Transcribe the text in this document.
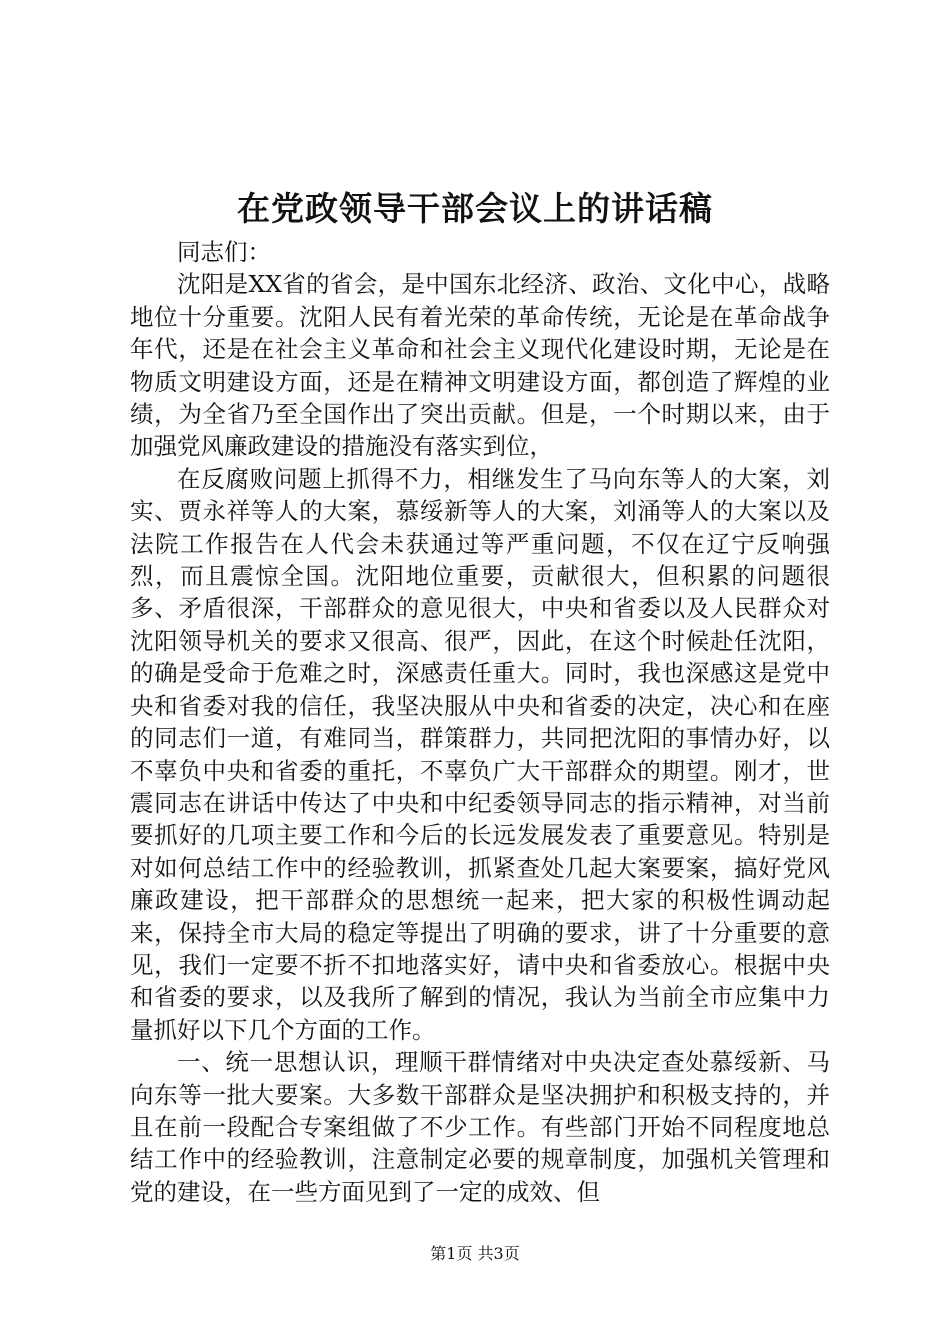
在党政领导干部会议上的讲话稿

同志们：

沈阳是XX省的省会，是中国东北经济、政治、文化中心，战略地位十分重要。沈阳人民有着光荣的革命传统，无论是在革命战争年代，还是在社会主义革命和社会主义现代化建设时期，无论是在物质文明建设方面，还是在精神文明建设方面，都创造了辉煌的业绩，为全省乃至全国作出了突出贡献。但是，一个时期以来，由于加强党风廉政建设的措施没有落实到位，

在反腐败问题上抓得不力，相继发生了马向东等人的大案，刘实、贾永祥等人的大案，慕绥新等人的大案，刘涌等人的大案以及法院工作报告在人代会未获通过等严重问题，不仅在辽宁反响强烈，而且震惊全国。沈阳地位重要，贡献很大，但积累的问题很多、矛盾很深，干部群众的意见很大，中央和省委以及人民群众对沈阳领导机关的要求又很高、很严，因此，在这个时候赴任沈阳，的确是受命于危难之时，深感责任重大。同时，我也深感这是党中央和省委对我的信任，我坚决服从中央和省委的决定，决心和在座的同志们一道，有难同当，群策群力，共同把沈阳的事情办好，以不辜负中央和省委的重托，不辜负广大干部群众的期望。刚才，世震同志在讲话中传达了中央和中纪委领导同志的指示精神，对当前要抓好的几项主要工作和今后的长远发展发表了重要意见。特别是对如何总结工作中的经验教训，抓紧查处几起大案要案，搞好党风廉政建设，把干部群众的思想统一起来，把大家的积极性调动起来，保持全市大局的稳定等提出了明确的要求，讲了十分重要的意见，我们一定要不折不扣地落实好，请中央和省委放心。根据中央和省委的要求，以及我所了解到的情况，我认为当前全市应集中力量抓好以下几个方面的工作。

一、统一思想认识，理顺干群情绪对中央决定查处慕绥新、马向东等一批大要案。大多数干部群众是坚决拥护和积极支持的，并且在前一段配合专案组做了不少工作。有些部门开始不同程度地总结工作中的经验教训，注意制定必要的规章制度，加强机关管理和党的建设，在一些方面见到了一定的成效、但

第1页 共3页
